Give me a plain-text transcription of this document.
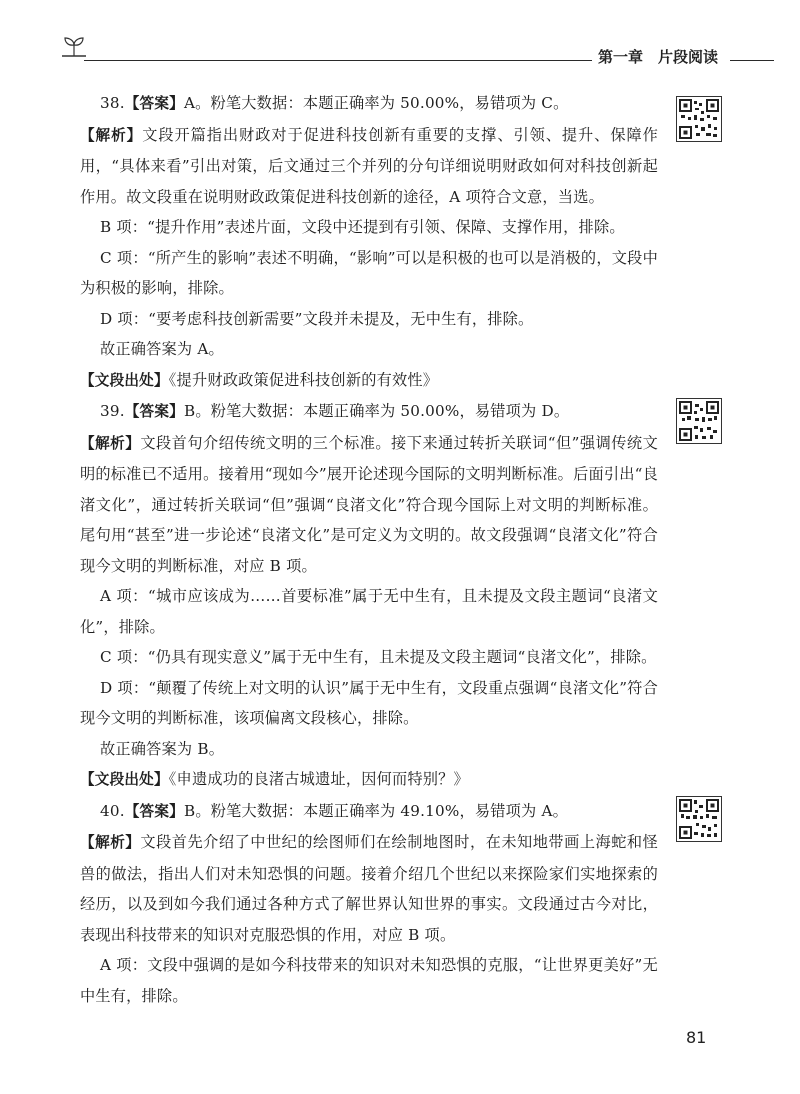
第一章　片段阅读

38.【答案】A。粉笔大数据：本题正确率为 50.00%，易错项为 C。

【解析】文段开篇指出财政对于促进科技创新有重要的支撑、引领、提升、保障作用，“具体来看”引出对策，后文通过三个并列的分句详细说明财政如何对科技创新起作用。故文段重在说明财政政策促进科技创新的途径，A 项符合文意，当选。

B 项：“提升作用”表述片面，文段中还提到有引领、保障、支撑作用，排除。

C 项：“所产生的影响”表述不明确，“影响”可以是积极的也可以是消极的，文段中为积极的影响，排除。

D 项：“要考虑科技创新需要”文段并未提及，无中生有，排除。

故正确答案为 A。

【文段出处】《提升财政政策促进科技创新的有效性》

39.【答案】B。粉笔大数据：本题正确率为 50.00%，易错项为 D。

【解析】文段首句介绍传统文明的三个标准。接下来通过转折关联词“但”强调传统文明的标准已不适用。接着用“现如今”展开论述现今国际的文明判断标准。后面引出“良渚文化”，通过转折关联词“但”强调“良渚文化”符合现今国际上对文明的判断标准。尾句用“甚至”进一步论述“良渚文化”是可定义为文明的。故文段强调“良渚文化”符合现今文明的判断标准，对应 B 项。

A 项：“城市应该成为……首要标准”属于无中生有，且未提及文段主题词“良渚文化”，排除。

C 项：“仍具有现实意义”属于无中生有，且未提及文段主题词“良渚文化”，排除。

D 项：“颠覆了传统上对文明的认识”属于无中生有，文段重点强调“良渚文化”符合现今文明的判断标准，该项偏离文段核心，排除。

故正确答案为 B。

【文段出处】《申遗成功的良渚古城遗址，因何而特别？》

40.【答案】B。粉笔大数据：本题正确率为 49.10%，易错项为 A。

【解析】文段首先介绍了中世纪的绘图师们在绘制地图时，在未知地带画上海蛇和怪兽的做法，指出人们对未知恐惧的问题。接着介绍几个世纪以来探险家们实地探索的经历，以及到如今我们通过各种方式了解世界认知世界的事实。文段通过古今对比，表现出科技带来的知识对克服恐惧的作用，对应 B 项。

A 项：文段中强调的是如今科技带来的知识对未知恐惧的克服，“让世界更美好”无中生有，排除。

81
